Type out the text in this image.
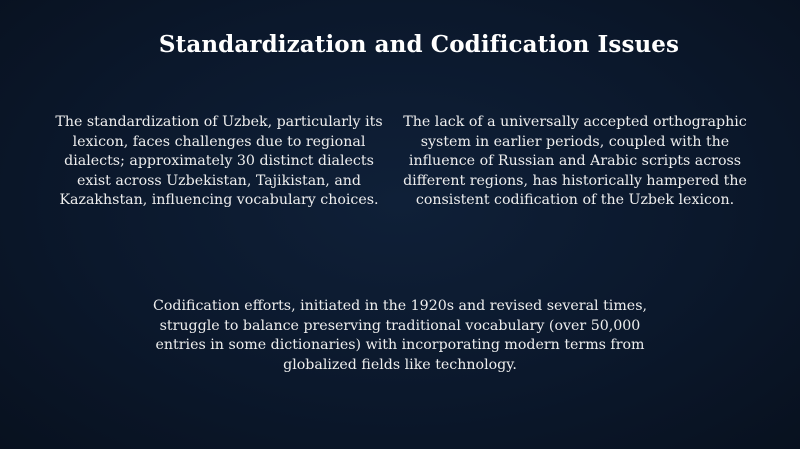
Standardization and Codification Issues

The standardization of Uzbek, particularly its lexicon, faces challenges due to regional dialects; approximately 30 distinct dialects exist across Uzbekistan, Tajikistan, and Kazakhstan, influencing vocabulary choices.

The lack of a universally accepted orthographic system in earlier periods, coupled with the influence of Russian and Arabic scripts across different regions, has historically hampered the consistent codification of the Uzbek lexicon.

Codification efforts, initiated in the 1920s and revised several times, struggle to balance preserving traditional vocabulary (over 50,000 entries in some dictionaries) with incorporating modern terms from globalized fields like technology.
